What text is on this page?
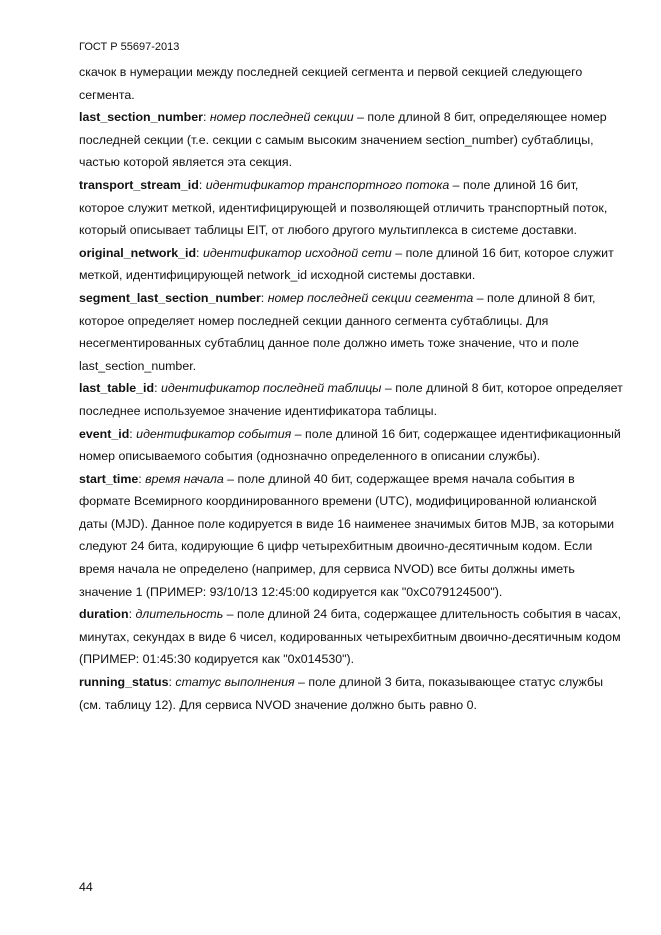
ГОСТ Р 55697-2013

скачок в нумерации между последней секцией сегмента и первой секцией следующего сегмента.

last_section_number: номер последней секции – поле длиной 8 бит, определяющее номер последней секции (т.е. секции с самым высоким значением section_number) субтаблицы, частью которой является эта секция.

transport_stream_id: идентификатор транспортного потока – поле длиной 16 бит, которое служит меткой, идентифицирующей и позволяющей отличить транспортный поток, который описывает таблицы EIT, от любого другого мультиплекса в системе доставки.

original_network_id: идентификатор исходной сети – поле длиной 16 бит, которое служит меткой, идентифицирующей network_id исходной системы доставки.

segment_last_section_number: номер последней секции сегмента – поле длиной 8 бит, которое определяет номер последней секции данного сегмента субтаблицы. Для несегментированных субтаблиц данное поле должно иметь тоже значение, что и поле last_section_number.

last_table_id: идентификатор последней таблицы – поле длиной 8 бит, которое определяет последнее используемое значение идентификатора таблицы.

event_id: идентификатор события – поле длиной 16 бит, содержащее идентификационный номер описываемого события (однозначно определенного в описании службы).

start_time: время начала – поле длиной 40 бит, содержащее время начала события в формате Всемирного координированного времени (UTC), модифицированной юлианской даты (MJD). Данное поле кодируется в виде 16 наименее значимых битов MJB, за которыми следуют 24 бита, кодирующие 6 цифр четырехбитным двоично-десятичным кодом. Если время начала не определено (например, для сервиса NVOD) все биты должны иметь значение 1 (ПРИМЕР: 93/10/13 12:45:00 кодируется как "0xC079124500").

duration: длительность – поле длиной 24 бита, содержащее длительность события в часах, минутах, секундах в виде 6 чисел, кодированных четырехбитным двоично-десятичным кодом (ПРИМЕР: 01:45:30 кодируется как "0x014530").

running_status: статус выполнения – поле длиной 3 бита, показывающее статус службы (см. таблицу 12). Для сервиса NVOD значение должно быть равно 0.

44
